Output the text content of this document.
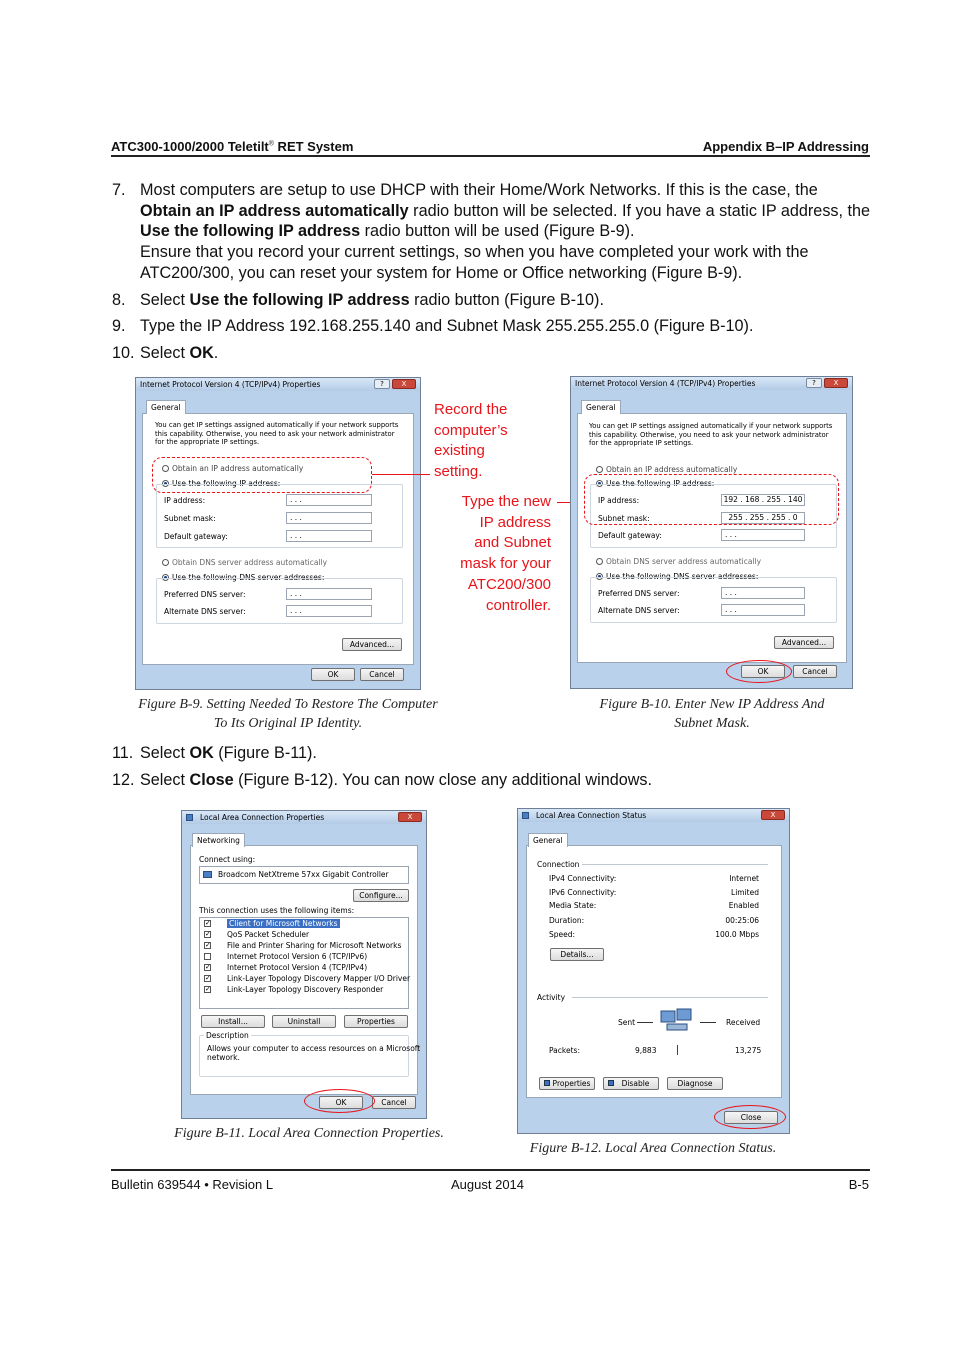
ATC300-1000/2000 Teletilt® RET System	Appendix B–IP Addressing
7. Most computers are setup to use DHCP with their Home/Work Networks. If this is the case, the Obtain an IP address automatically radio button will be selected. If you have a static IP address, the Use the following IP address radio button will be used (Figure B-9).
Ensure that you record your current settings, so when you have completed your work with the ATC200/300, you can reset your system for Home or Office networking (Figure B-9).
8. Select Use the following IP address radio button (Figure B-10).
9. Type the IP Address 192.168.255.140 and Subnet Mask 255.255.255.0 (Figure B-10).
10. Select OK.
Internet Protocol Version 4 (TCP/IPv4) Properties	?	X
General
You can get IP settings assigned automatically if your network supports
this capability. Otherwise, you need to ask your network administrator
for the appropriate IP settings.
Obtain an IP address automatically
Use the following IP address:
IP address:	. . .
Subnet mask:	. . .
Default gateway:	. . .
Obtain DNS server address automatically
Use the following DNS server addresses:
Preferred DNS server:	. . .
Alternate DNS server:	. . .
Advanced...
OK	Cancel
Record the
computer’s
existing
setting.
Type the new
IP address
and Subnet
mask for your
ATC200/300
controller.
Internet Protocol Version 4 (TCP/IPv4) Properties	?	X
General
You can get IP settings assigned automatically if your network supports
this capability. Otherwise, you need to ask your network administrator
for the appropriate IP settings.
Obtain an IP address automatically
Use the following IP address:
IP address:	192 . 168 . 255 . 140
Subnet mask:	255 . 255 . 255 . 0
Default gateway:	. . .
Obtain DNS server address automatically
Use the following DNS server addresses:
Preferred DNS server:	. . .
Alternate DNS server:	. . .
Advanced...
OK	Cancel
Figure B-9. Setting Needed To Restore The Computer
To Its Original IP Identity.
Figure B-10. Enter New IP Address And
Subnet Mask.
11. Select OK (Figure B-11).
12. Select Close (Figure B-12). You can now close any additional windows.
Local Area Connection Properties	X
Networking
Connect using:
Broadcom NetXtreme 57xx Gigabit Controller
Configure...
This connection uses the following items:
✓ Client for Microsoft Networks
✓ QoS Packet Scheduler
✓ File and Printer Sharing for Microsoft Networks
Internet Protocol Version 6 (TCP/IPv6)
✓ Internet Protocol Version 4 (TCP/IPv4)
✓ Link-Layer Topology Discovery Mapper I/O Driver
✓ Link-Layer Topology Discovery Responder
Install...	Uninstall	Properties
Description
Allows your computer to access resources on a Microsoft
network.
OK	Cancel
Local Area Connection Status	X
General
Connection
IPv4 Connectivity:	Internet
IPv6 Connectivity:	Limited
Media State:	Enabled
Duration:	00:25:06
Speed:	100.0 Mbps
Details...
Activity
Sent	Received
Packets:	9,883	13,275
Properties	Disable	Diagnose
Close
Figure B-11. Local Area Connection Properties.
Figure B-12. Local Area Connection Status.
Bulletin 639544 • Revision L	August 2014	B-5
